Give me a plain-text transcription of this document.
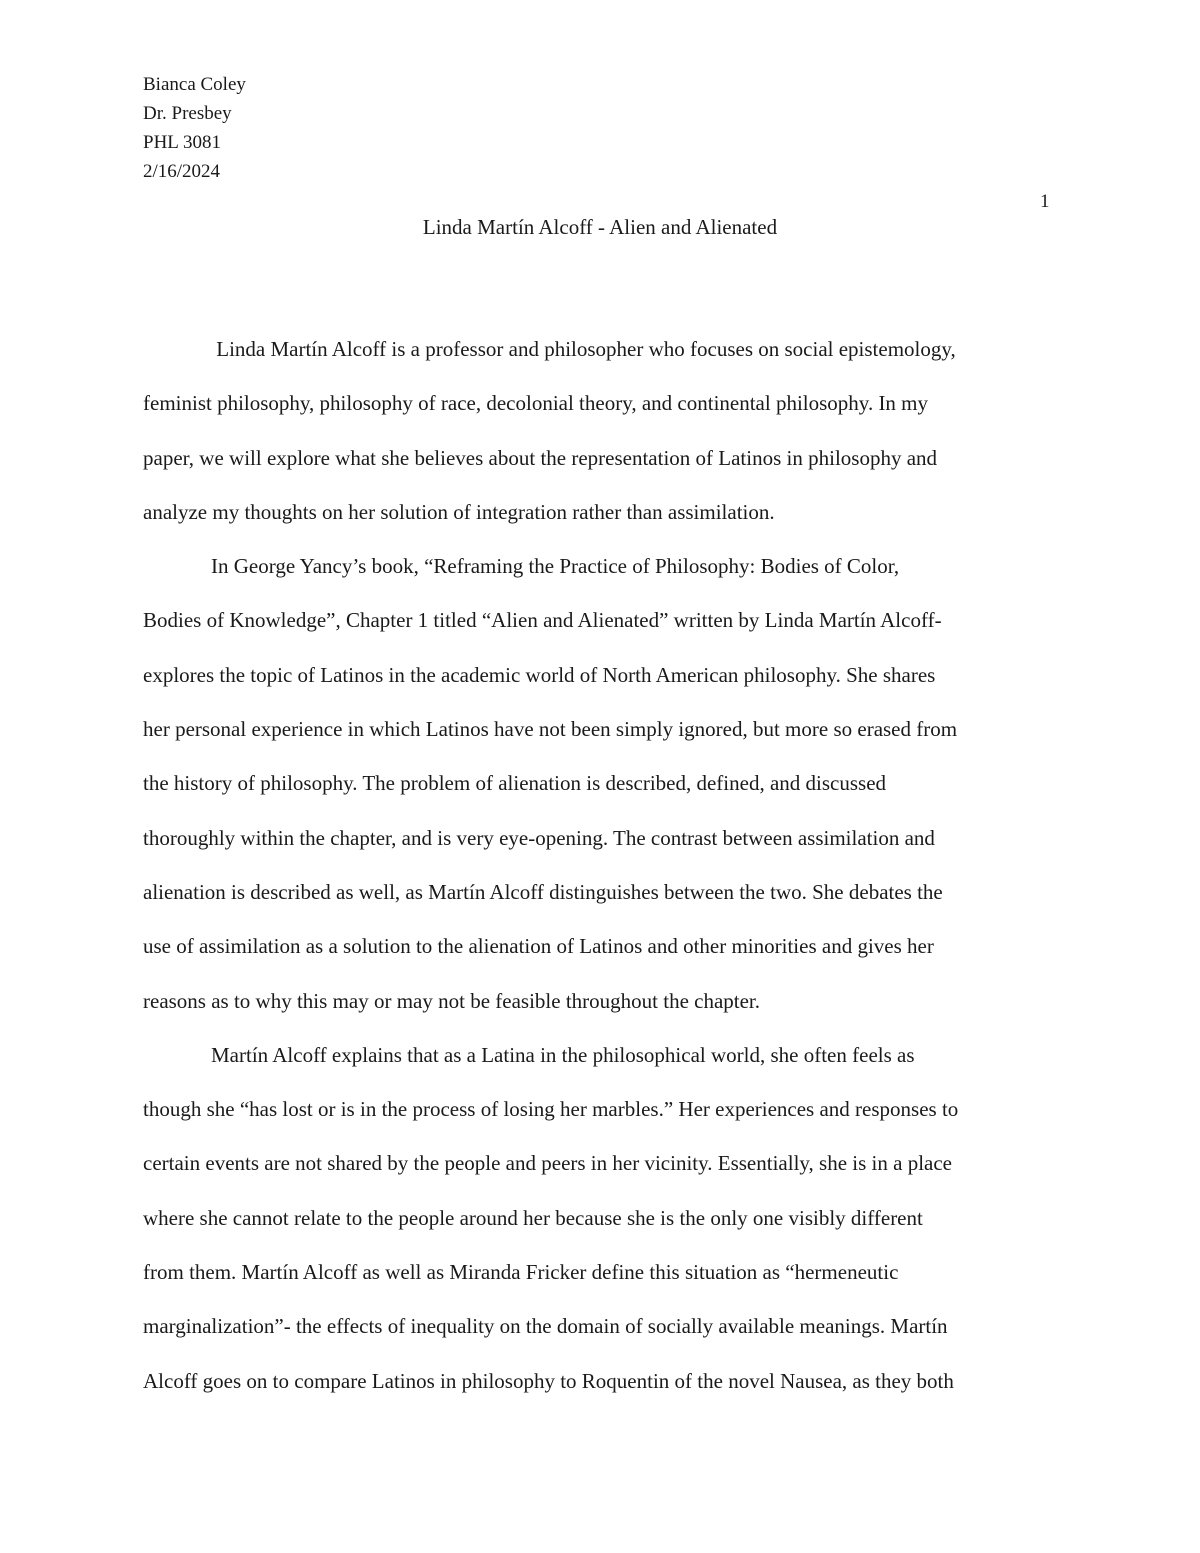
Bianca Coley
Dr. Presbey
PHL 3081
2/16/2024
1
Linda Martín Alcoff - Alien and Alienated
Linda Martín Alcoff is a professor and philosopher who focuses on social epistemology,
feminist philosophy, philosophy of race, decolonial theory, and continental philosophy. In my
paper, we will explore what she believes about the representation of Latinos in philosophy and
analyze my thoughts on her solution of integration rather than assimilation.
In George Yancy’s book, “Reframing the Practice of Philosophy: Bodies of Color,
Bodies of Knowledge”, Chapter 1 titled “Alien and Alienated” written by Linda Martín Alcoff-
explores the topic of Latinos in the academic world of North American philosophy. She shares
her personal experience in which Latinos have not been simply ignored, but more so erased from
the history of philosophy. The problem of alienation is described, defined, and discussed
thoroughly within the chapter, and is very eye-opening. The contrast between assimilation and
alienation is described as well, as Martín Alcoff distinguishes between the two. She debates the
use of assimilation as a solution to the alienation of Latinos and other minorities and gives her
reasons as to why this may or may not be feasible throughout the chapter.
Martín Alcoff explains that as a Latina in the philosophical world, she often feels as
though she “has lost or is in the process of losing her marbles.” Her experiences and responses to
certain events are not shared by the people and peers in her vicinity. Essentially, she is in a place
where she cannot relate to the people around her because she is the only one visibly different
from them. Martín Alcoff as well as Miranda Fricker define this situation as “hermeneutic
marginalization”- the effects of inequality on the domain of socially available meanings. Martín
Alcoff goes on to compare Latinos in philosophy to Roquentin of the novel Nausea, as they both
